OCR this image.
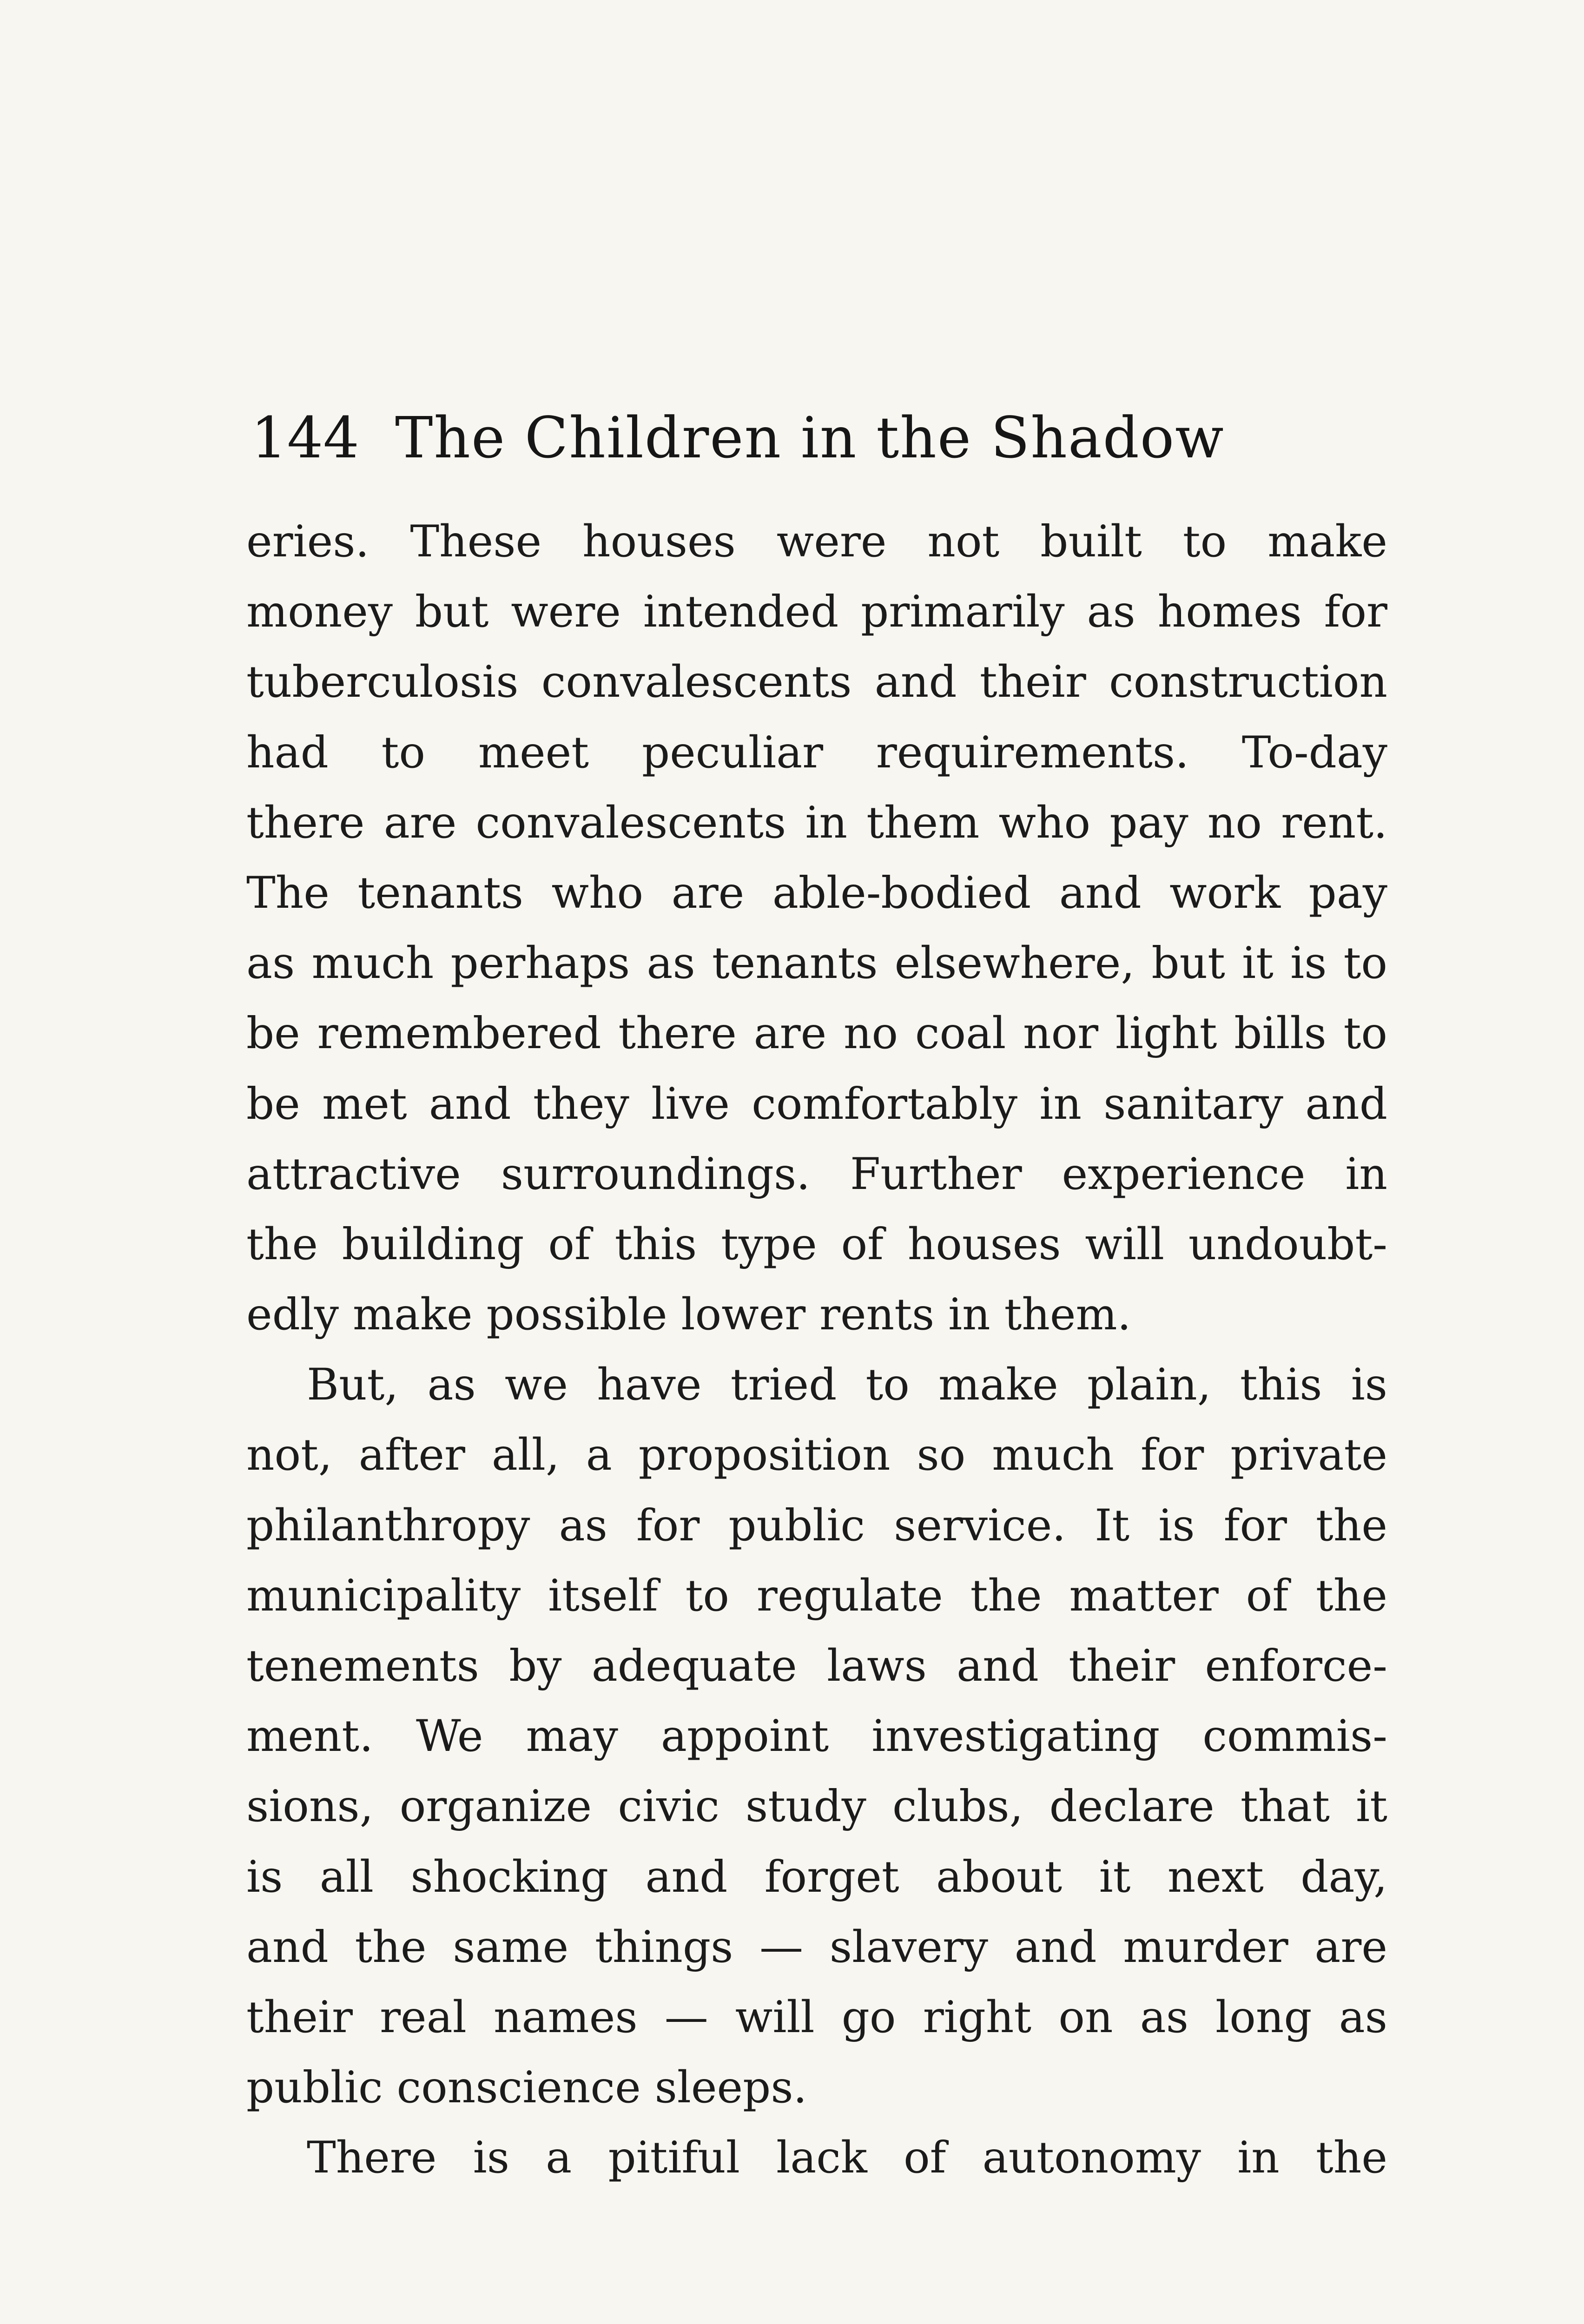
144 The Children in the Shadow
eries. These houses were not built to make
money but were intended primarily as homes for
tuberculosis convalescents and their construction
had to meet peculiar requirements. To-day
there are convalescents in them who pay no rent.
The tenants who are able-bodied and work pay
as much perhaps as tenants elsewhere, but it is to
be remembered there are no coal nor light bills to
be met and they live comfortably in sanitary and
attractive surroundings. Further experience in
the building of this type of houses will undoubt-
edly make possible lower rents in them.
But, as we have tried to make plain, this is
not, after all, a proposition so much for private
philanthropy as for public service. It is for the
municipality itself to regulate the matter of the
tenements by adequate laws and their enforce-
ment. We may appoint investigating commis-
sions, organize civic study clubs, declare that it
is all shocking and forget about it next day,
and the same things — slavery and murder are
their real names — will go right on as long as
public conscience sleeps.
There is a pitiful lack of autonomy in the
